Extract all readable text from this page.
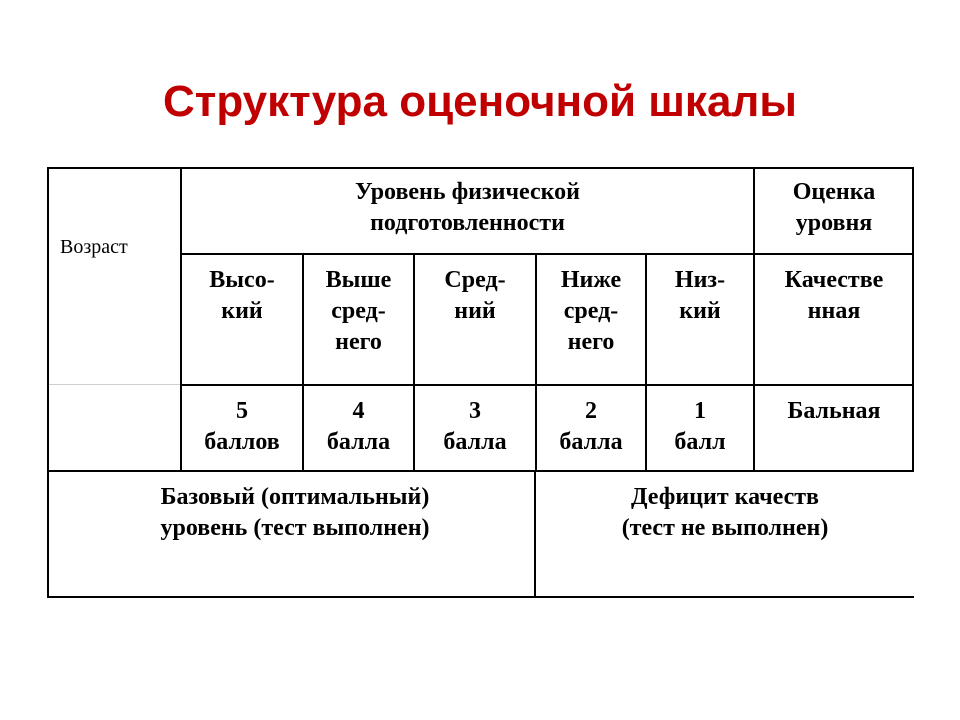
Структура оценочной шкалы
Возраст
Уровень физической
подготовленности
Оценка
уровня
Высо-
кий
Выше
сред-
него
Сред-
ний
Ниже
сред-
него
Низ-
кий
Качестве
нная
5
баллов
4
балла
3
балла
2
балла
1
балл
Бальная
Базовый (оптимальный)
уровень (тест выполнен)
Дефицит качеств
(тест не выполнен)
